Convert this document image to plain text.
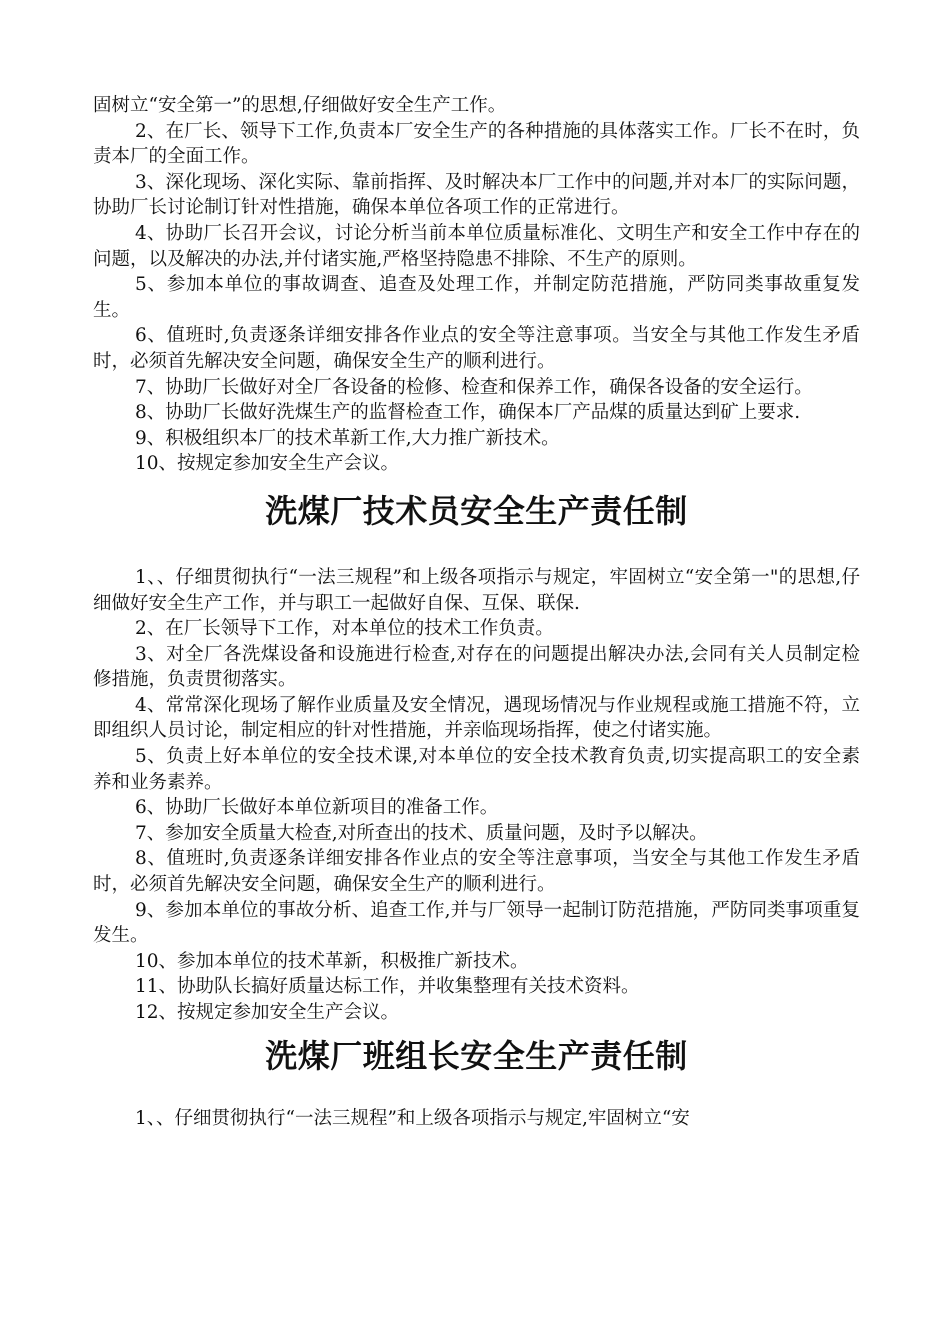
固树立“安全第一”的思想,仔细做好安全生产工作。

2、在厂长、领导下工作,负责本厂安全生产的各种措施的具体落实工作。厂长不在时，负责本厂的全面工作。

3、深化现场、深化实际、靠前指挥、及时解决本厂工作中的问题,并对本厂的实际问题，协助厂长讨论制订针对性措施，确保本单位各项工作的正常进行。

4、协助厂长召开会议，讨论分析当前本单位质量标准化、文明生产和安全工作中存在的问题，以及解决的办法,并付诸实施,严格坚持隐患不排除、不生产的原则。

5、参加本单位的事故调查、追查及处理工作，并制定防范措施，严防同类事故重复发生。

6、值班时,负责逐条详细安排各作业点的安全等注意事项。当安全与其他工作发生矛盾时，必须首先解决安全问题，确保安全生产的顺利进行。

7、协助厂长做好对全厂各设备的检修、检查和保养工作，确保各设备的安全运行。

8、协助厂长做好洗煤生产的监督检查工作，确保本厂产品煤的质量达到矿上要求.

9、积极组织本厂的技术革新工作,大力推广新技术。

10、按规定参加安全生产会议。

洗煤厂技术员安全生产责任制

1、、仔细贯彻执行“一法三规程”和上级各项指示与规定，牢固树立“安全第一"的思想,仔细做好安全生产工作，并与职工一起做好自保、互保、联保.

2、在厂长领导下工作，对本单位的技术工作负责。

3、对全厂各洗煤设备和设施进行检查,对存在的问题提出解决办法,会同有关人员制定检修措施，负责贯彻落实。

4、常常深化现场了解作业质量及安全情况，遇现场情况与作业规程或施工措施不符，立即组织人员讨论，制定相应的针对性措施，并亲临现场指挥，使之付诸实施。

5、负责上好本单位的安全技术课,对本单位的安全技术教育负责,切实提高职工的安全素养和业务素养。

6、协助厂长做好本单位新项目的准备工作。

7、参加安全质量大检查,对所查出的技术、质量问题，及时予以解决。

8、值班时,负责逐条详细安排各作业点的安全等注意事项，当安全与其他工作发生矛盾时，必须首先解决安全问题，确保安全生产的顺利进行。

9、参加本单位的事故分析、追查工作,并与厂领导一起制订防范措施，严防同类事项重复发生。

10、参加本单位的技术革新，积极推广新技术。

11、协助队长搞好质量达标工作，并收集整理有关技术资料。

12、按规定参加安全生产会议。

洗煤厂班组长安全生产责任制

1、、仔细贯彻执行“一法三规程”和上级各项指示与规定,牢固树立“安
